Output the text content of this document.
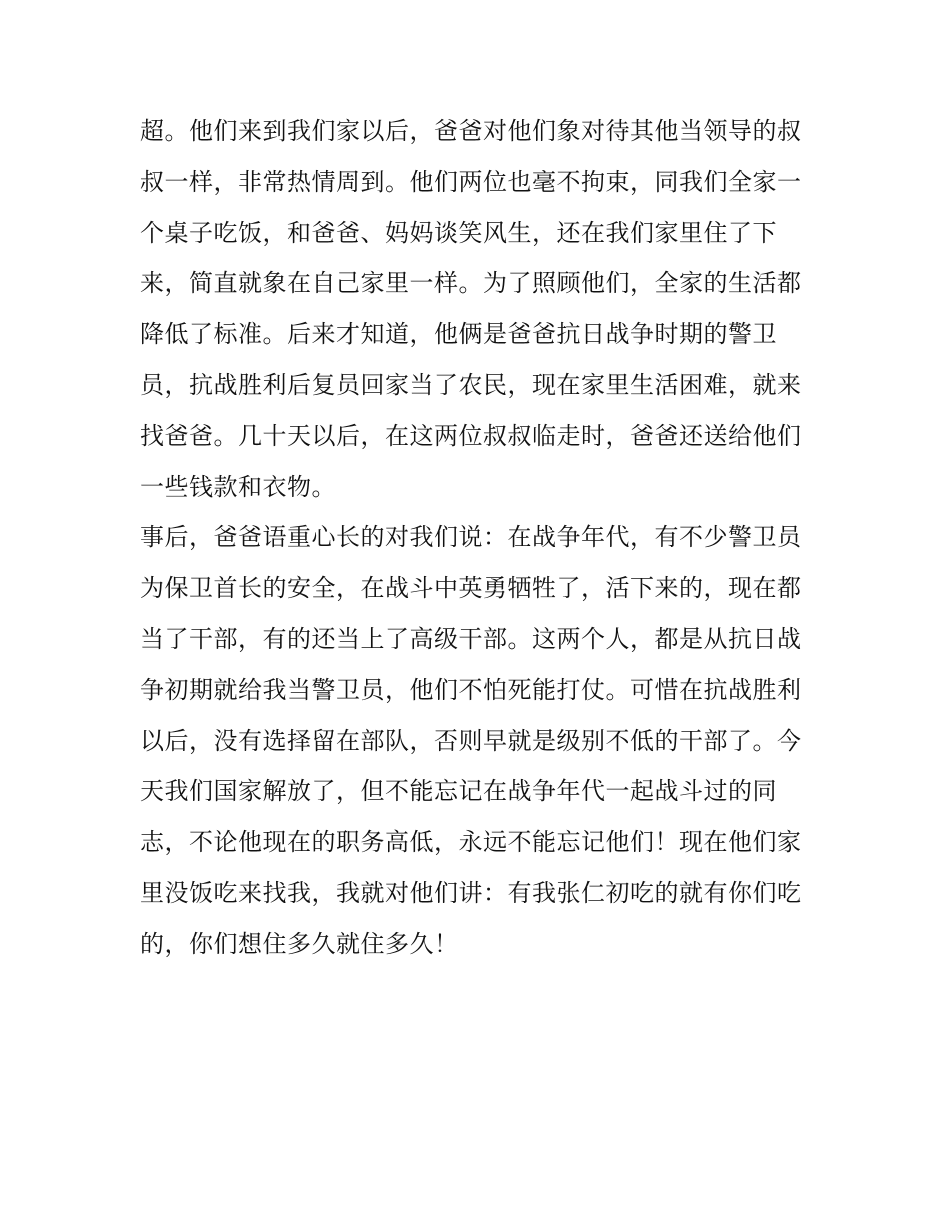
超。他们来到我们家以后，爸爸对他们象对待其他当领导的叔
叔一样，非常热情周到。他们两位也毫不拘束，同我们全家一
个桌子吃饭，和爸爸、妈妈谈笑风生，还在我们家里住了下
来，简直就象在自己家里一样。为了照顾他们，全家的生活都
降低了标准。后来才知道，他俩是爸爸抗日战争时期的警卫
员，抗战胜利后复员回家当了农民，现在家里生活困难，就来
找爸爸。几十天以后，在这两位叔叔临走时，爸爸还送给他们
一些钱款和衣物。
事后，爸爸语重心长的对我们说：在战争年代，有不少警卫员
为保卫首长的安全，在战斗中英勇牺牲了，活下来的，现在都
当了干部，有的还当上了高级干部。这两个人，都是从抗日战
争初期就给我当警卫员，他们不怕死能打仗。可惜在抗战胜利
以后，没有选择留在部队，否则早就是级别不低的干部了。今
天我们国家解放了，但不能忘记在战争年代一起战斗过的同
志，不论他现在的职务高低，永远不能忘记他们！现在他们家
里没饭吃来找我，我就对他们讲：有我张仁初吃的就有你们吃
的，你们想住多久就住多久！
